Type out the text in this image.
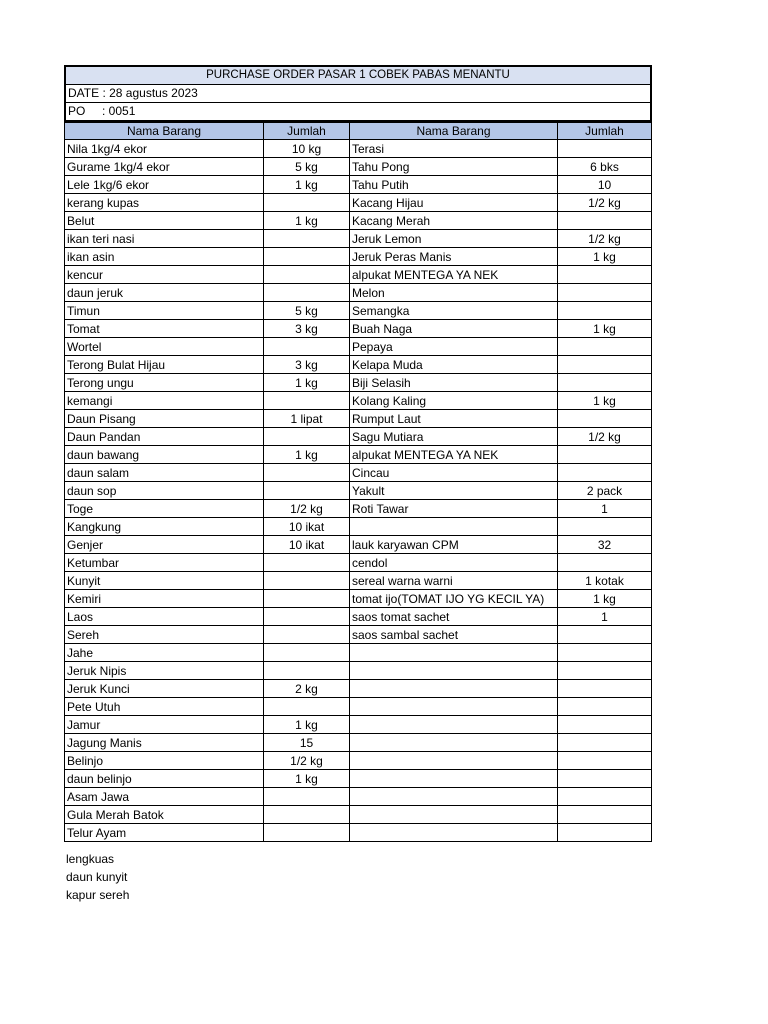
PURCHASE ORDER PASAR 1 COBEK PABAS MENANTU
DATE : 28 agustus 2023
PO     : 0051
Nama Barang	Jumlah	Nama Barang	Jumlah
Nila 1kg/4 ekor	10 kg	Terasi	
Gurame 1kg/4 ekor	5 kg	Tahu Pong	6 bks
Lele 1kg/6 ekor	1 kg	Tahu Putih	10
kerang kupas		Kacang Hijau	1/2 kg
Belut	1 kg	Kacang Merah	
ikan teri nasi		Jeruk Lemon	1/2 kg
ikan asin		Jeruk Peras Manis	1 kg
kencur		alpukat MENTEGA YA NEK	
daun jeruk		Melon	
Timun	5 kg	Semangka	
Tomat	3 kg	Buah Naga	1 kg
Wortel		Pepaya	
Terong Bulat Hijau	3 kg	Kelapa Muda	
Terong ungu	1 kg	Biji Selasih	
kemangi		Kolang Kaling	1 kg
Daun Pisang	1 lipat	Rumput Laut	
Daun Pandan		Sagu Mutiara	1/2 kg
daun bawang	1 kg	alpukat MENTEGA YA NEK	
daun salam		Cincau	
daun sop		Yakult	2 pack
Toge	1/2 kg	Roti Tawar	1
Kangkung	10 ikat		
Genjer	10 ikat	lauk karyawan CPM	32
Ketumbar		cendol	
Kunyit		sereal warna warni	1 kotak
Kemiri		tomat ijo(TOMAT IJO YG KECIL YA)	1 kg
Laos		saos tomat sachet	1
Sereh		saos sambal sachet	
Jahe			
Jeruk Nipis			
Jeruk Kunci	2 kg		
Pete Utuh			
Jamur	1 kg		
Jagung Manis	15		
Belinjo	1/2 kg		
daun belinjo	1 kg		
Asam Jawa			
Gula Merah Batok			
Telur Ayam			
lengkuas
daun kunyit
kapur sereh
